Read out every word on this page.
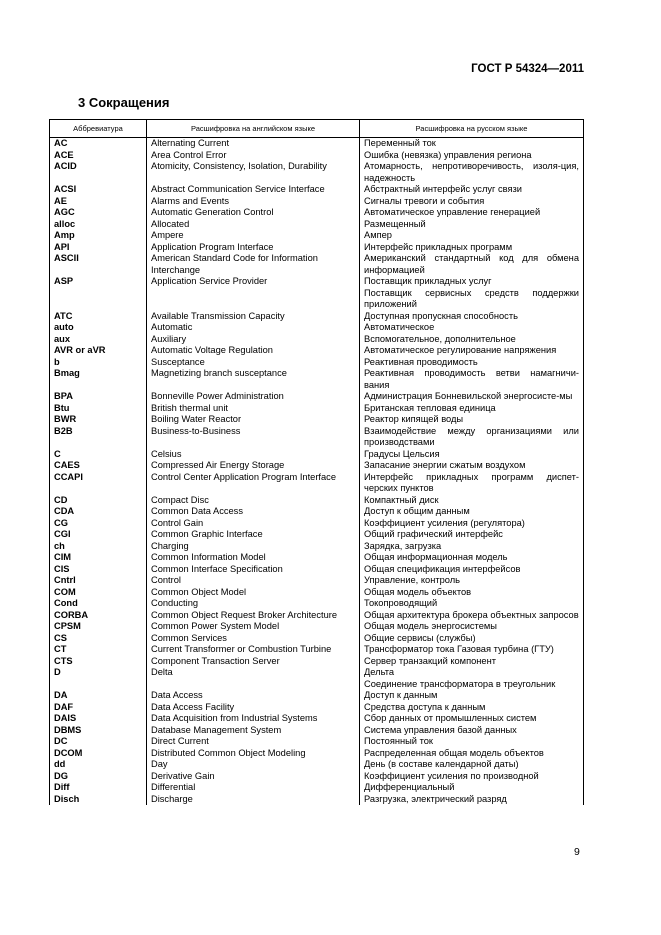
ГОСТ Р 54324—2011
3 Сокращения
Аббревиатура	Расшифровка на английском языке	Расшифровка на русском языке
AC	Alternating Current	Переменный ток
ACE	Area Control Error	Ошибка (невязка) управления региона
ACID	Atomicity, Consistency, Isolation, Durability	Атомарность, непротиворечивость, изоля-ция, надежность
ACSI	Abstract Communication Service Interface	Абстрактный интерфейс услуг связи
AE	Alarms and Events	Сигналы тревоги и события
AGC	Automatic Generation Control	Автоматическое управление генерацией
alloc	Allocated	Размещенный
Amp	Ampere	Ампер
API	Application Program Interface	Интерфейс прикладных программ
ASCII	American Standard Code for Information Interchange	Американский стандартный код для обмена информацией
ASP	Application Service Provider	Поставщик прикладных услуг
Поставщик сервисных средств поддержки приложений
ATC	Available Transmission Capacity	Доступная пропускная способность
auto	Automatic	Автоматическое
aux	Auxiliary	Вспомогательное, дополнительное
AVR or aVR	Automatic Voltage Regulation	Автоматическое регулирование напряжения
b	Susceptance	Реактивная проводимость
Bmag	Magnetizing branch susceptance	Реактивная проводимость ветви намагничи-вания
BPA	Bonneville Power Administration	Администрация Бонневильской энергосисте-мы
Btu	British thermal unit	Британская тепловая единица
BWR	Boiling Water Reactor	Реактор кипящей воды
B2B	Business-to-Business	Взаимодействие между организациями или производствами
C	Celsius	Градусы Цельсия
CAES	Compressed Air Energy Storage	Запасание энергии сжатым воздухом
CCAPI	Control Center Application Program Interface	Интерфейс прикладных программ диспет-черских пунктов
CD	Compact Disc	Компактный диск
CDA	Common Data Access	Доступ к общим данным
CG	Control Gain	Коэффициент усиления (регулятора)
CGI	Common Graphic Interface	Общий графический интерфейс
ch	Charging	Зарядка, загрузка
CIM	Common Information Model	Общая информационная модель
CIS	Common Interface Specification	Общая спецификация интерфейсов
Cntrl	Control	Управление, контроль
COM	Common Object Model	Общая модель объектов
Cond	Conducting	Токопроводящий
CORBA	Common Object Request Broker Architecture	Общая архитектура брокера объектных запросов
CPSM	Common Power System Model	Общая модель энергосистемы
CS	Common Services	Общие сервисы (службы)
CT	Current Transformer or Combustion Turbine	Трансформатор тока Газовая турбина (ГТУ)
CTS	Component Transaction Server	Сервер транзакций компонент
D	Delta	Дельта
Соединение трансформатора в треугольник
DA	Data Access	Доступ к данным
DAF	Data Access Facility	Средства доступа к данным
DAIS	Data Acquisition from Industrial Systems	Сбор данных от промышленных систем
DBMS	Database Management System	Система управления базой данных
DC	Direct Current	Постоянный ток
DCOM	Distributed Common Object Modeling	Распределенная общая модель объектов
dd	Day	День (в составе календарной даты)
DG	Derivative Gain	Коэффициент усиления по производной
Diff	Differential	Дифференциальный
Disch	Discharge	Разгрузка, электрический разряд
9
